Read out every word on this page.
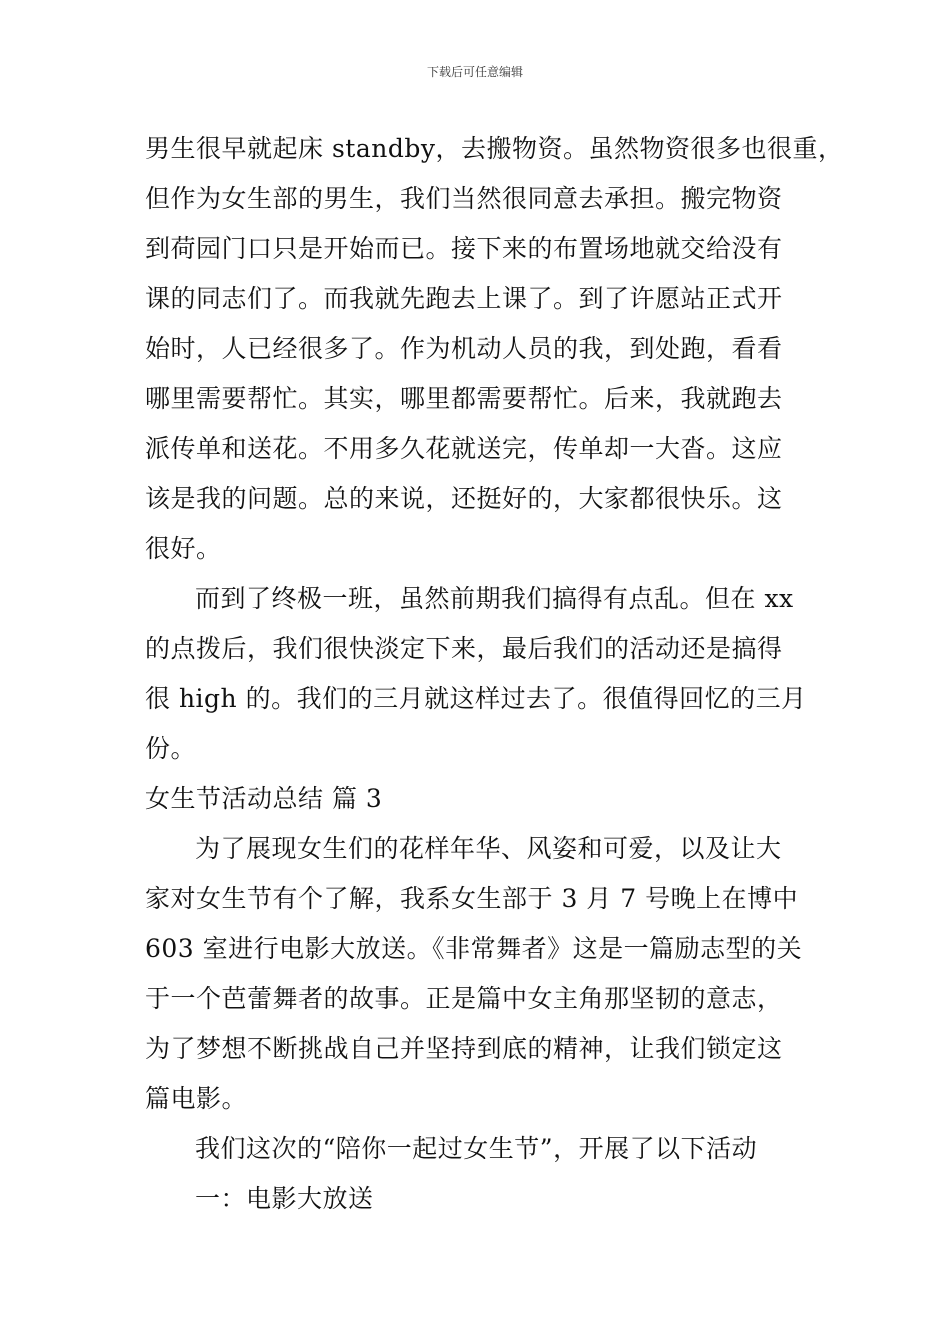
下载后可任意编辑
男生很早就起床 standby，去搬物资。虽然物资很多也很重，
但作为女生部的男生，我们当然很同意去承担。搬完物资
到荷园门口只是开始而已。接下来的布置场地就交给没有
课的同志们了。而我就先跑去上课了。到了许愿站正式开
始时，人已经很多了。作为机动人员的我，到处跑，看看
哪里需要帮忙。其实，哪里都需要帮忙。后来，我就跑去
派传单和送花。不用多久花就送完，传单却一大沓。这应
该是我的问题。总的来说，还挺好的，大家都很快乐。这
很好。
而到了终极一班，虽然前期我们搞得有点乱。但在 xx
的点拨后，我们很快淡定下来，最后我们的活动还是搞得
很 high 的。我们的三月就这样过去了。很值得回忆的三月
份。
女生节活动总结 篇 3
为了展现女生们的花样年华、风姿和可爱，以及让大
家对女生节有个了解，我系女生部于 3 月 7 号晚上在博中
603 室进行电影大放送。《非常舞者》这是一篇励志型的关
于一个芭蕾舞者的故事。正是篇中女主角那坚韧的意志，
为了梦想不断挑战自己并坚持到底的精神，让我们锁定这
篇电影。
我们这次的“陪你一起过女生节”，开展了以下活动
一：电影大放送
